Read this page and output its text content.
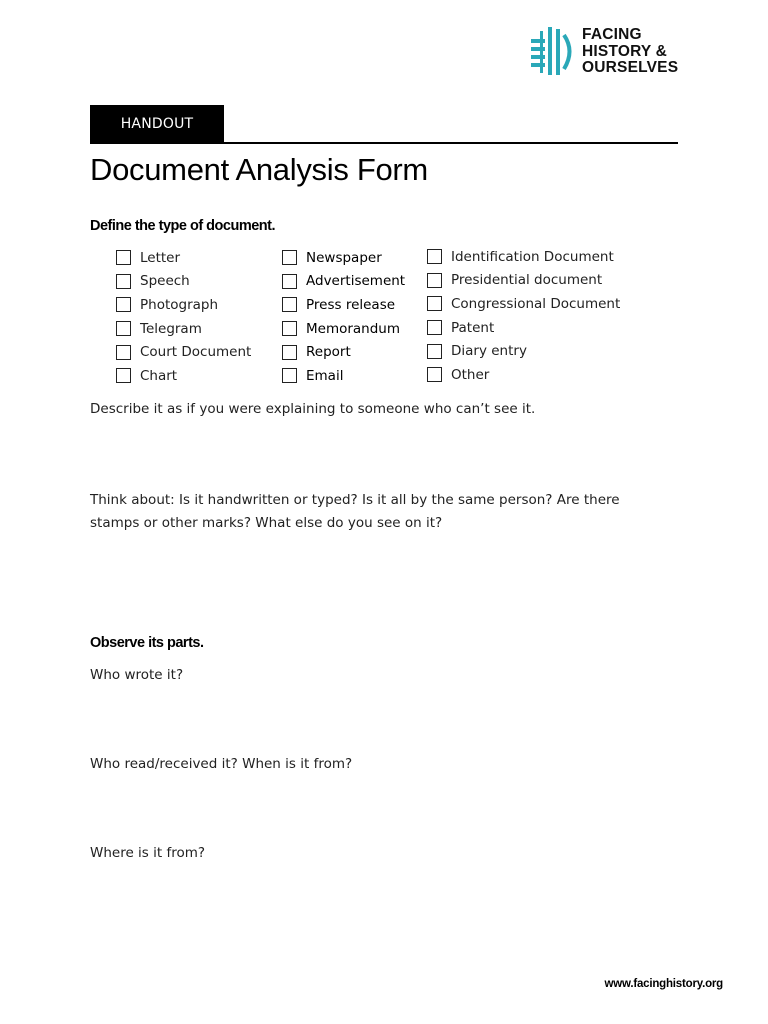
FACING
HISTORY &
OURSELVES
HANDOUT
Document Analysis Form
Define the type of document.
Letter
Speech
Photograph
Telegram
Court Document
Chart
Newspaper
Advertisement
Press release
Memorandum
Report
Email
Identification Document
Presidential document
Congressional Document
Patent
Diary entry
Other
Describe it as if you were explaining to someone who can’t see it.
Think about: Is it handwritten or typed? Is it all by the same person? Are there
stamps or other marks? What else do you see on it?
Observe its parts.
Who wrote it?
Who read/received it? When is it from?
Where is it from?
www.facinghistory.org
